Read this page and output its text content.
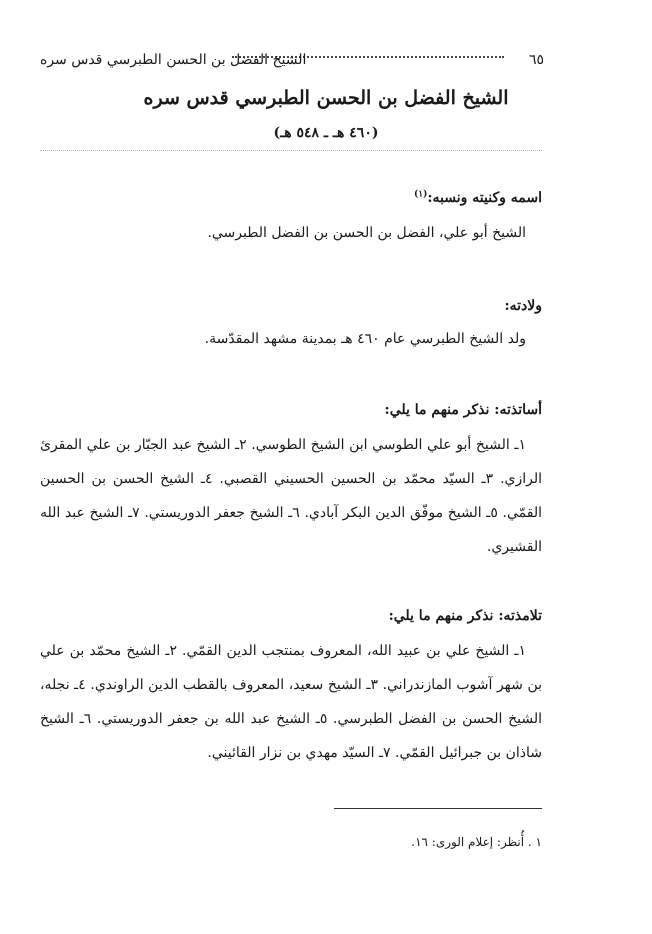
٦٥
الشيخ الفضل بن الحسن الطبرسي قدس سره
الشيخ الفضل بن الحسن الطبرسي قدس سره
(٤٦٠ هـ ـ ٥٤٨ هـ)

اسمه وكنيته ونسبه:$^{(١)}$

الشيخ أبو علي، الفضل بن الحسن بن الفضل الطبرسي.

ولادته:

ولد الشيخ الطبرسي عام ٤٦٠ هـ بمدينة مشهد المقدّسة.

أساتذته: نذكر منهم ما يلي:

١ـ الشيخ أبو علي الطوسي ابن الشيخ الطوسي. ٢ـ الشيخ عبد الجبّار بن علي المقرئ الرازي. ٣ـ السيّد محمّد بن الحسين الحسيني القصبي. ٤ـ الشيخ الحسن بن الحسين القمّي. ٥ـ الشيخ موفّق الدين البكر آبادي. ٦ـ الشيخ جعفر الدوريستي. ٧ـ الشيخ عبد الله القشيري.

تلامذته: نذكر منهم ما يلي:

١ـ الشيخ علي بن عبيد الله، المعروف بمنتجب الدين القمّي. ٢ـ الشيخ محمّد بن علي بن شهر آشوب المازندراني. ٣ـ الشيخ سعيد، المعروف بالقطب الدين الراوندي. ٤ـ نجله، الشيخ الحسن بن الفضل الطبرسي. ٥ـ الشيخ عبد الله بن جعفر الدوريستي. ٦ـ الشيخ شاذان بن جبرائيل القمّي. ٧ـ السيّد مهدي بن نزار القائيني.

١ . أُنظر: إعلام الورى: ١٦.
